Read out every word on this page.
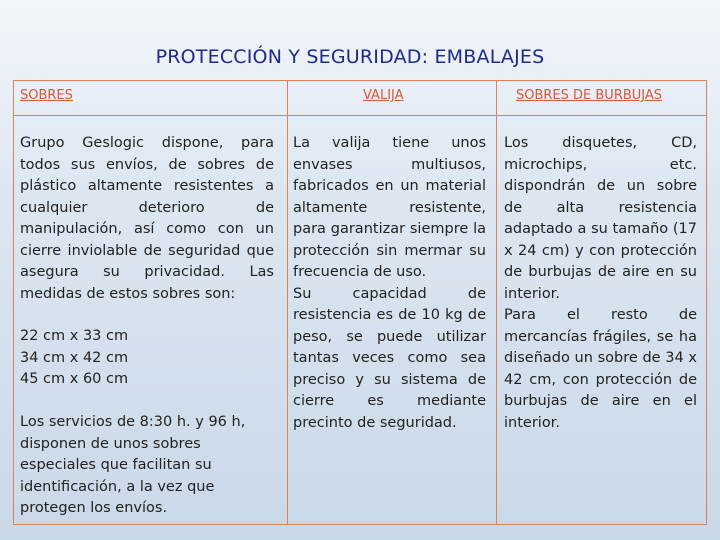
PROTECCIÓN Y SEGURIDAD: EMBALAJES
SOBRES	VALIJA	SOBRES DE BURBUJAS

Grupo Geslogic dispone, para todos sus envíos, de sobres de plástico altamente resistentes a cualquier deterioro de manipulación, así como con un cierre inviolable de seguridad que asegura su privacidad. Las medidas de estos sobres son:

22 cm x 33 cm

34 cm x 42 cm

45 cm x 60 cm

Los servicios de 8:30 h. y 96 h, disponen de unos sobres especiales que facilitan su identificación, a la vez que protegen los envíos.

La valija tiene unos envases multiusos, fabricados en un material altamente resistente, para garantizar siempre la protección sin mermar su frecuencia de uso.

Su capacidad de resistencia es de 10 kg de peso, se puede utilizar tantas veces como sea preciso y su sistema de cierre es mediante precinto de seguridad.

Los disquetes, CD, microchips, etc. dispondrán de un sobre de alta resistencia adaptado a su tamaño (17 x 24 cm) y con protección de burbujas de aire en su interior.

Para el resto de mercancías frágiles, se ha diseñado un sobre de 34 x 42 cm, con protección de burbujas de aire en el interior.
